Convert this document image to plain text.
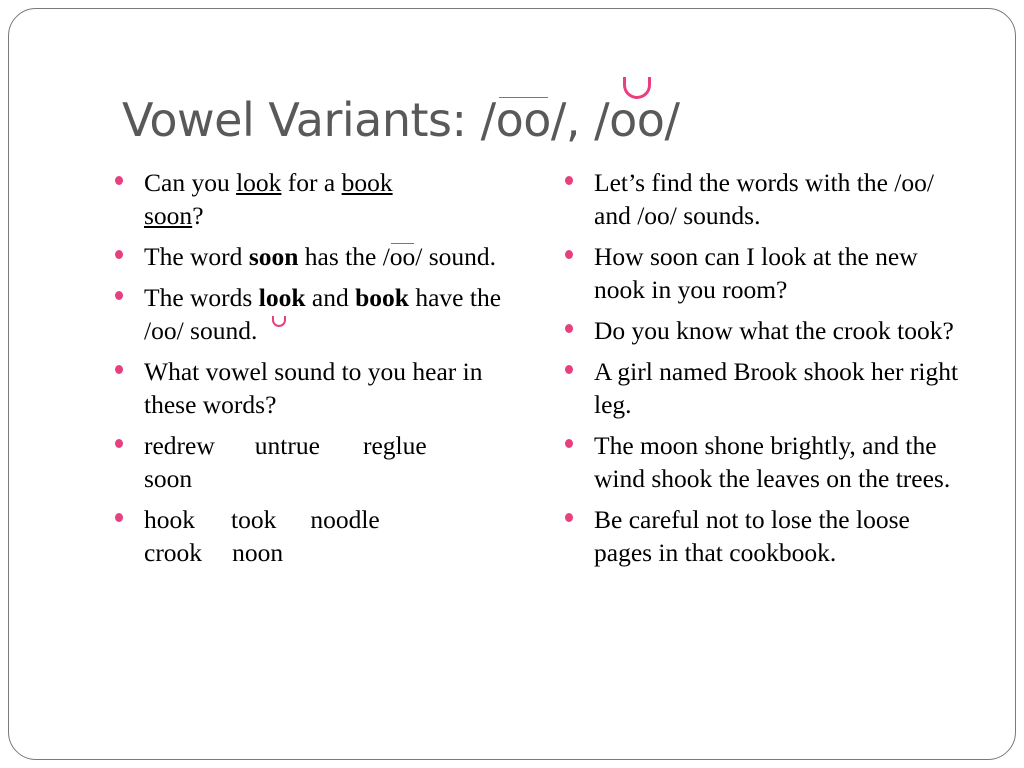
Vowel Variants: /
oo/, /
oo/
Can you look for a book
soon?
The word soon has the /
oo/ sound.
The words loo
k and book have the /oo/ sound.
What vowel sound to you hear in these words?
redrew untrue reglue
soon
hook took noodle
crook noon
Let’s find the words with the /oo/ and /oo/ sounds.
How soon can I look at the new nook in you room?
Do you know what the crook took?
A girl named Brook shook her right leg.
The moon shone brightly, and the wind shook the leaves on the trees.
Be careful not to lose the loose pages in that cookbook.
